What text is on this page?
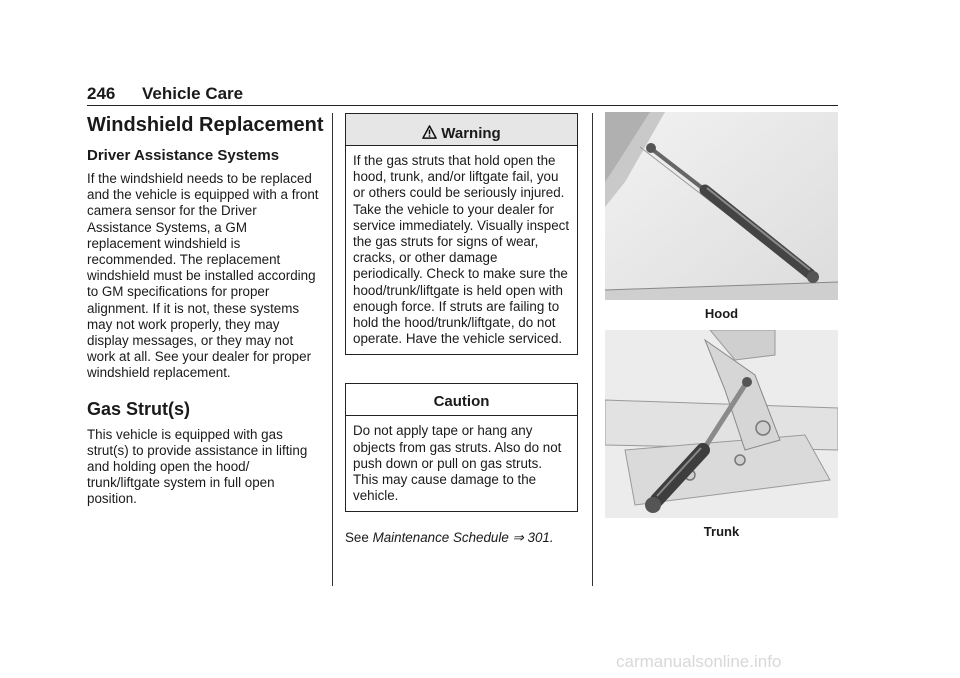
246 Vehicle Care
Windshield Replacement
Driver Assistance Systems

If the windshield needs to be replaced and the vehicle is equipped with a front camera sensor for the Driver Assistance Systems, a GM replacement windshield is recommended. The replacement windshield must be installed according to GM specifications for proper alignment. If it is not, these systems may not work properly, they may display messages, or they may not work at all. See your dealer for proper windshield replacement.

Gas Strut(s)

This vehicle is equipped with gas strut(s) to provide assistance in lifting and holding open the hood/ trunk/liftgate system in full open position.

Warning
If the gas struts that hold open the hood, trunk, and/or liftgate fail, you or others could be seriously injured. Take the vehicle to your dealer for service immediately. Visually inspect the gas struts for signs of wear, cracks, or other damage periodically. Check to make sure the hood/trunk/liftgate is held open with enough force. If struts are failing to hold the hood/trunk/liftgate, do not operate. Have the vehicle serviced.
Caution
Do not apply tape or hang any objects from gas struts. Also do not push down or pull on gas struts. This may cause damage to the vehicle.
See Maintenance Schedule ⇒ 301.
Hood
Trunk
carmanualsonline.info
